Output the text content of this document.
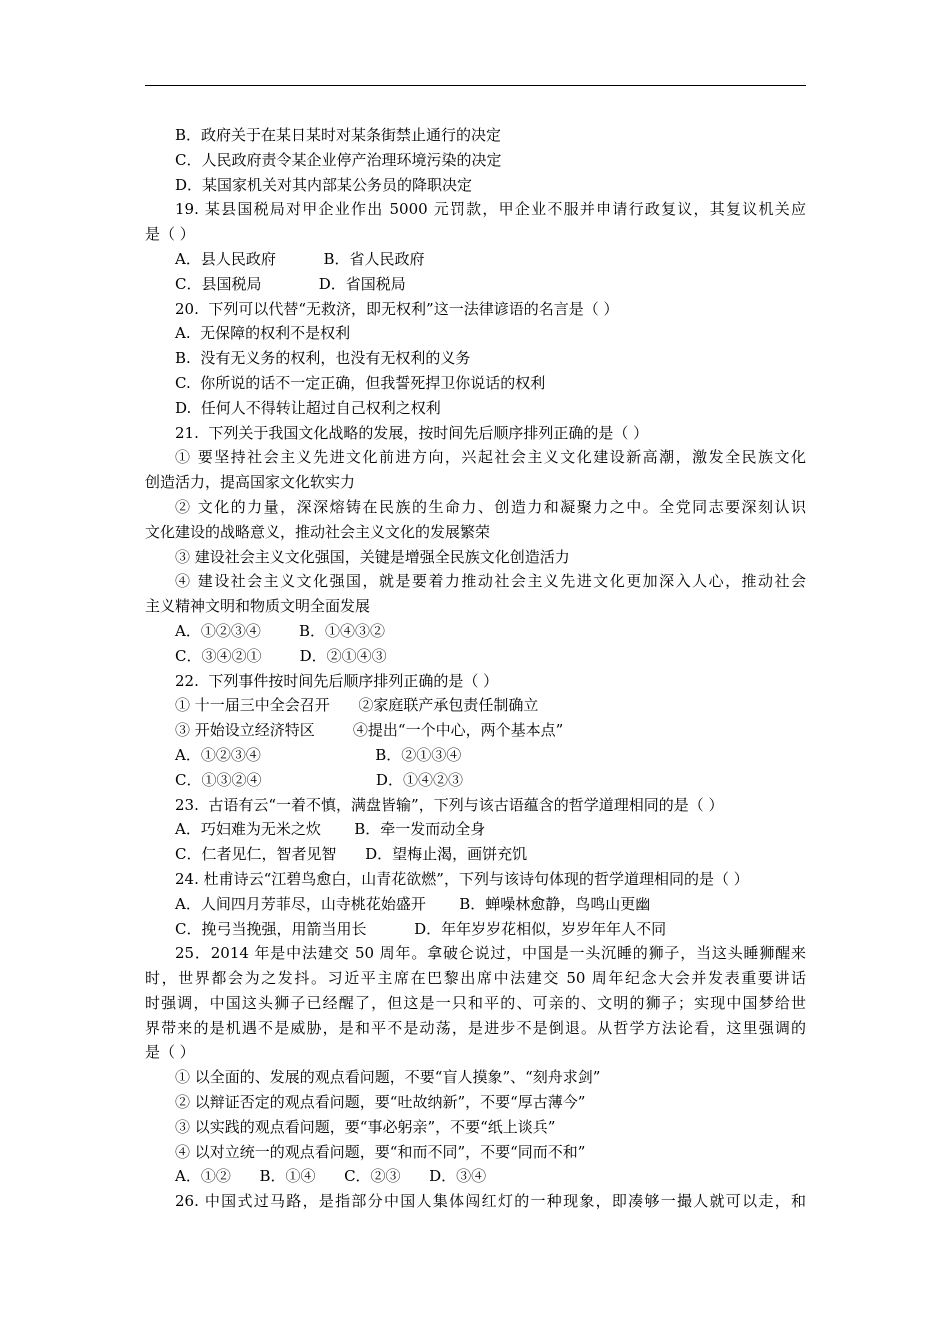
B．政府关于在某日某时对某条街禁止通行的决定
C．人民政府责令某企业停产治理环境污染的决定
D．某国家机关对其内部某公务员的降职决定
19. 某县国税局对甲企业作出 5000 元罚款，甲企业不服并申请行政复议，其复议机关应
是（ ）
A．县人民政府          B．省人民政府
C．县国税局            D．省国税局
20.  下列可以代替“无救济，即无权利”这一法律谚语的名言是（ ）
A.  无保障的权利不是权利
B.  没有无义务的权利，也没有无权利的义务
C.  你所说的话不一定正确，但我誓死捍卫你说话的权利
D.  任何人不得转让超过自己权利之权利
21.  下列关于我国文化战略的发展，按时间先后顺序排列正确的是（ ）
① 要坚持社会主义先进文化前进方向，兴起社会主义文化建设新高潮，激发全民族文化
创造活力，提高国家文化软实力
② 文化的力量，深深熔铸在民族的生命力、创造力和凝聚力之中。全党同志要深刻认识
文化建设的战略意义，推动社会主义文化的发展繁荣
③ 建设社会主义文化强国，关键是增强全民族文化创造活力
④ 建设社会主义文化强国，就是要着力推动社会主义先进文化更加深入人心，推动社会
主义精神文明和物质文明全面发展
A．①②③④        B．①④③②
C．③④②①        D．②①④③
22.  下列事件按时间先后顺序排列正确的是（ ）
① 十一届三中全会召开      ②家庭联产承包责任制确立
③ 开始设立经济特区        ④提出“一个中心，两个基本点”
A．①②③④                        B．②①③④
C．①③②④                        D．①④②③
23.  古语有云“一着不慎，满盘皆输”，下列与该古语蕴含的哲学道理相同的是（ ）
A．巧妇难为无米之炊       B．牵一发而动全身
C．仁者见仁，智者见智      D．望梅止渴，画饼充饥
24. 杜甫诗云“江碧鸟愈白，山青花欲燃”，下列与该诗句体现的哲学道理相同的是（ ）
A．人间四月芳菲尽，山寺桃花始盛开       B．蝉噪林愈静，鸟鸣山更幽
C．挽弓当挽强，用箭当用长          D．年年岁岁花相似，岁岁年年人不同
25．2014 年是中法建交 50 周年。拿破仑说过，中国是一头沉睡的狮子，当这头睡狮醒来
时，世界都会为之发抖。习近平主席在巴黎出席中法建交 50 周年纪念大会并发表重要讲话
时强调，中国这头狮子已经醒了，但这是一只和平的、可亲的、文明的狮子；实现中国梦给世
界带来的是机遇不是威胁，是和平不是动荡，是进步不是倒退。从哲学方法论看，这里强调的
是（ ）
① 以全面的、发展的观点看问题，不要“盲人摸象”、“刻舟求剑”
② 以辩证否定的观点看问题，要“吐故纳新”，不要“厚古薄今”
③ 以实践的观点看问题，要“事必躬亲”，不要“纸上谈兵”
④ 以对立统一的观点看问题，要“和而不同”，不要“同而不和”
A．①②      B．①④      C．②③      D．③④
26. 中国式过马路，是指部分中国人集体闯红灯的一种现象，即凑够一撮人就可以走，和
